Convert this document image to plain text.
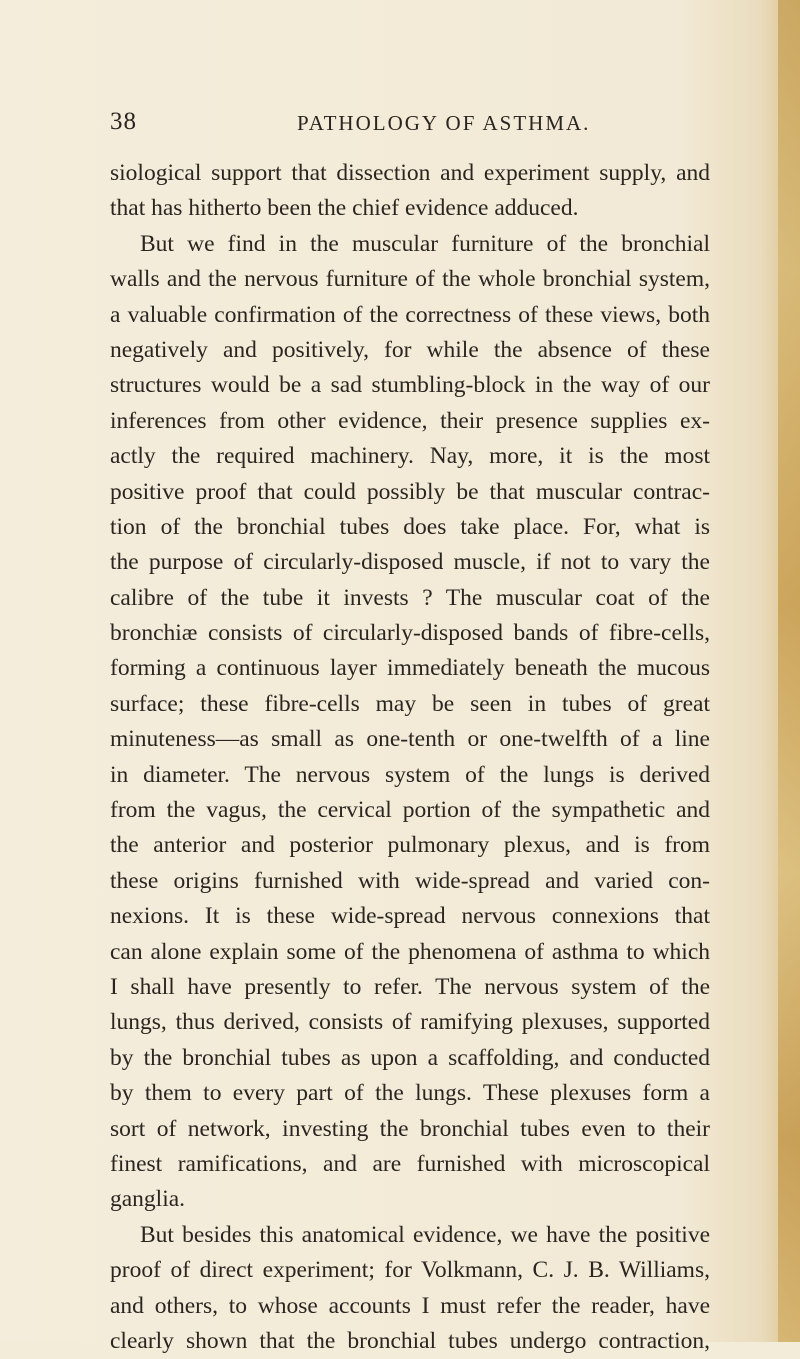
38	PATHOLOGY OF ASTHMA.
siological support that dissection and experiment supply, and
that has hitherto been the chief evidence adduced.
But we find in the muscular furniture of the bronchial
walls and the nervous furniture of the whole bronchial system,
a valuable confirmation of the correctness of these views, both
negatively and positively, for while the absence of these
structures would be a sad stumbling-block in the way of our
inferences from other evidence, their presence supplies ex-
actly the required machinery. Nay, more, it is the most
positive proof that could possibly be that muscular contrac-
tion of the bronchial tubes does take place. For, what is
the purpose of circularly-disposed muscle, if not to vary the
calibre of the tube it invests ? The muscular coat of the
bronchiæ consists of circularly-disposed bands of fibre-cells,
forming a continuous layer immediately beneath the mucous
surface; these fibre-cells may be seen in tubes of great
minuteness—as small as one-tenth or one-twelfth of a line
in diameter. The nervous system of the lungs is derived
from the vagus, the cervical portion of the sympathetic and
the anterior and posterior pulmonary plexus, and is from
these origins furnished with wide-spread and varied con-
nexions. It is these wide-spread nervous connexions that
can alone explain some of the phenomena of asthma to which
I shall have presently to refer. The nervous system of the
lungs, thus derived, consists of ramifying plexuses, supported
by the bronchial tubes as upon a scaffolding, and conducted
by them to every part of the lungs. These plexuses form a
sort of network, investing the bronchial tubes even to their
finest ramifications, and are furnished with microscopical
ganglia.
But besides this anatomical evidence, we have the positive
proof of direct experiment; for Volkmann, C. J. B. Williams,
and others, to whose accounts I must refer the reader, have
clearly shown that the bronchial tubes undergo contraction,
